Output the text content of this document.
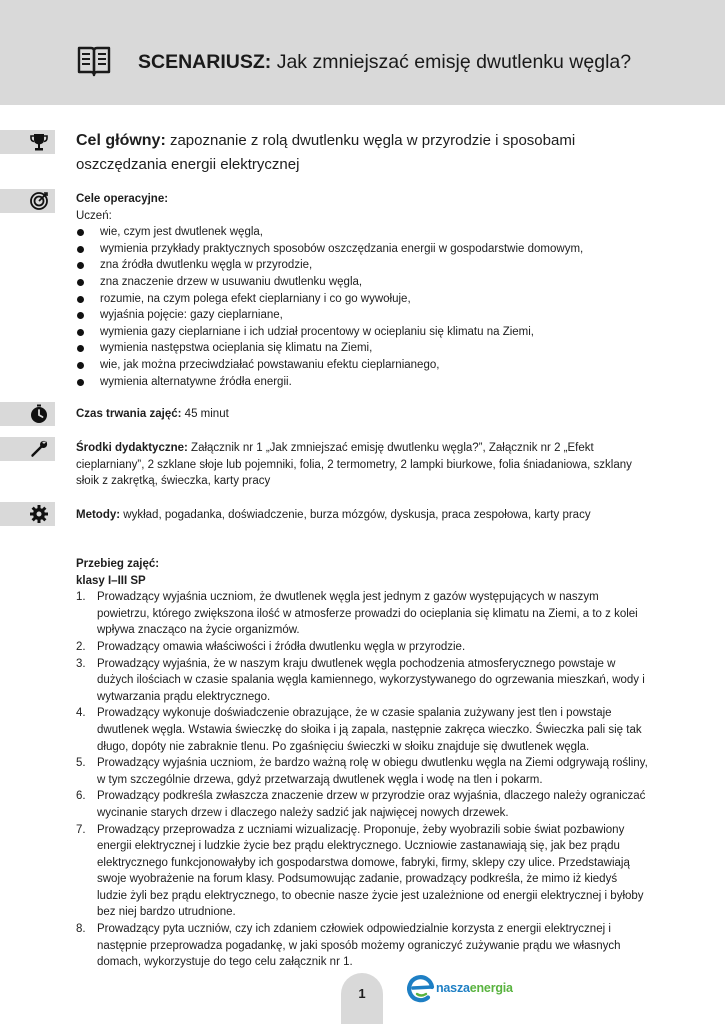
SCENARIUSZ: Jak zmniejszać emisję dwutlenku węgla?
Cel główny: zapoznanie z rolą dwutlenku węgla w przyrodzie i sposobami oszczędzania energii elektrycznej
Cele operacyjne:
Uczeń:
wie, czym jest dwutlenek węgla,
wymienia przykłady praktycznych sposobów oszczędzania energii w gospodarstwie domowym,
zna źródła dwutlenku węgla w przyrodzie,
zna znaczenie drzew w usuwaniu dwutlenku węgla,
rozumie, na czym polega efekt cieplarniany i co go wywołuje,
wyjaśnia pojęcie: gazy cieplarniane,
wymienia gazy cieplarniane i ich udział procentowy w ocieplaniu się klimatu na Ziemi,
wymienia następstwa ocieplania się klimatu na Ziemi,
wie, jak można przeciwdziałać powstawaniu efektu cieplarnianego,
wymienia alternatywne źródła energii.
Czas trwania zajęć: 45 minut
Środki dydaktyczne: Załącznik nr 1 „Jak zmniejszać emisję dwutlenku węgla?”, Załącznik nr 2 „Efekt cieplarniany”, 2 szklane słoje lub pojemniki, folia, 2 termometry, 2 lampki biurkowe, folia śniadaniowa, szklany słoik z zakrętką, świeczka, karty pracy
Metody: wykład, pogadanka, doświadczenie, burza mózgów, dyskusja, praca zespołowa, karty pracy
Przebieg zajęć:
klasy I–III SP
1. Prowadzący wyjaśnia uczniom, że dwutlenek węgla jest jednym z gazów występujących w naszym powietrzu, którego zwiększona ilość w atmosferze prowadzi do ocieplania się klimatu na Ziemi, a to z kolei wpływa znacząco na życie organizmów.
2. Prowadzący omawia właściwości i źródła dwutlenku węgla w przyrodzie.
3. Prowadzący wyjaśnia, że w naszym kraju dwutlenek węgla pochodzenia atmosferycznego powstaje w dużych ilościach w czasie spalania węgla kamiennego, wykorzystywanego do ogrzewania mieszkań, wody i wytwarzania prądu elektrycznego.
4. Prowadzący wykonuje doświadczenie obrazujące, że w czasie spalania zużywany jest tlen i powstaje dwutlenek węgla. Wstawia świeczkę do słoika i ją zapala, następnie zakręca wieczko. Świeczka pali się tak długo, dopóty nie zabraknie tlenu. Po zgaśnięciu świeczki w słoiku znajduje się dwutlenek węgla.
5. Prowadzący wyjaśnia uczniom, że bardzo ważną rolę w obiegu dwutlenku węgla na Ziemi odgrywają rośliny, w tym szczególnie drzewa, gdyż przetwarzają dwutlenek węgla i wodę na tlen i pokarm.
6. Prowadzący podkreśla zwłaszcza znaczenie drzew w przyrodzie oraz wyjaśnia, dlaczego należy ograniczać wycinanie starych drzew i dlaczego należy sadzić jak najwięcej nowych drzewek.
7. Prowadzący przeprowadza z uczniami wizualizację. Proponuje, żeby wyobrazili sobie świat pozbawiony energii elektrycznej i ludzkie życie bez prądu elektrycznego. Uczniowie zastanawiają się, jak bez prądu elektrycznego funkcjonowałyby ich gospodarstwa domowe, fabryki, firmy, sklepy czy ulice. Przedstawiają swoje wyobrażenie na forum klasy. Podsumowując zadanie, prowadzący podkreśla, że mimo iż kiedyś ludzie żyli bez prądu elektrycznego, to obecnie nasze życie jest uzależnione od energii elektrycznej i byłoby bez niej bardzo utrudnione.
8. Prowadzący pyta uczniów, czy ich zdaniem człowiek odpowiedzialnie korzysta z energii elektrycznej i następnie przeprowadza pogadankę, w jaki sposób możemy ograniczyć zużywanie prądu we własnych domach, wykorzystuje do tego celu załącznik nr 1.
1	naszaenergia
